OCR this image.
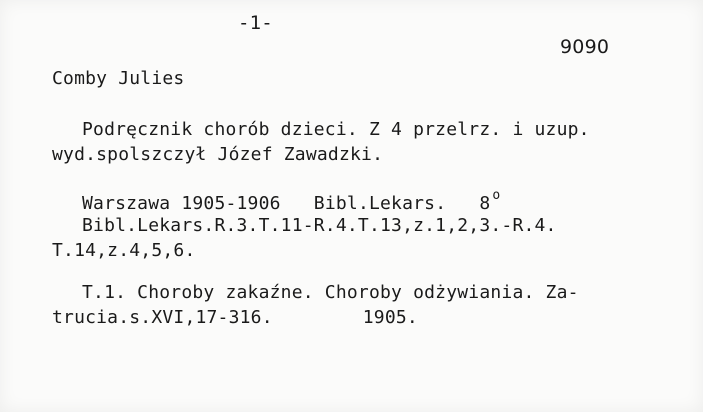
-1-
9090
Comby Julies
Podręcznik chorób dzieci. Z 4 przelrz. i uzup.
wyd.spolszczył Józef Zawadzki.
Warszawa 1905-1906 Bibl.Lekars. 8 $^o$
Bibl.Lekars.R.3.T.11-R.4.T.13,z.1,2,3.-R.4.
T.14,z.4,5,6.
T.1. Choroby zakaźne. Choroby odżywiania. Za-
trucia.s.XVI,17-316.	1905.
